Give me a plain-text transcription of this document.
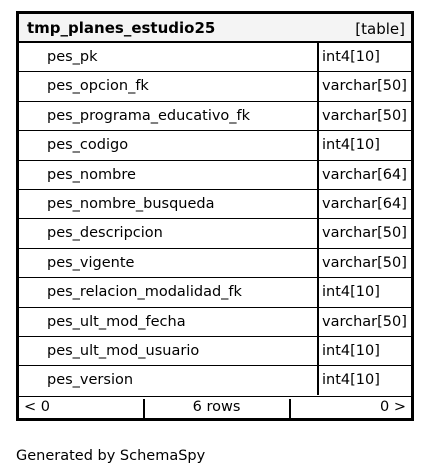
tmp_planes_estudio25	[table]
pes_pk	int4[10]
pes_opcion_fk	varchar[50]
pes_programa_educativo_fk	varchar[50]
pes_codigo	int4[10]
pes_nombre	varchar[64]
pes_nombre_busqueda	varchar[64]
pes_descripcion	varchar[50]
pes_vigente	varchar[50]
pes_relacion_modalidad_fk	int4[10]
pes_ult_mod_fecha	varchar[50]
pes_ult_mod_usuario	int4[10]
pes_version	int4[10]
< 0	6 rows	0 >
Generated by SchemaSpy
